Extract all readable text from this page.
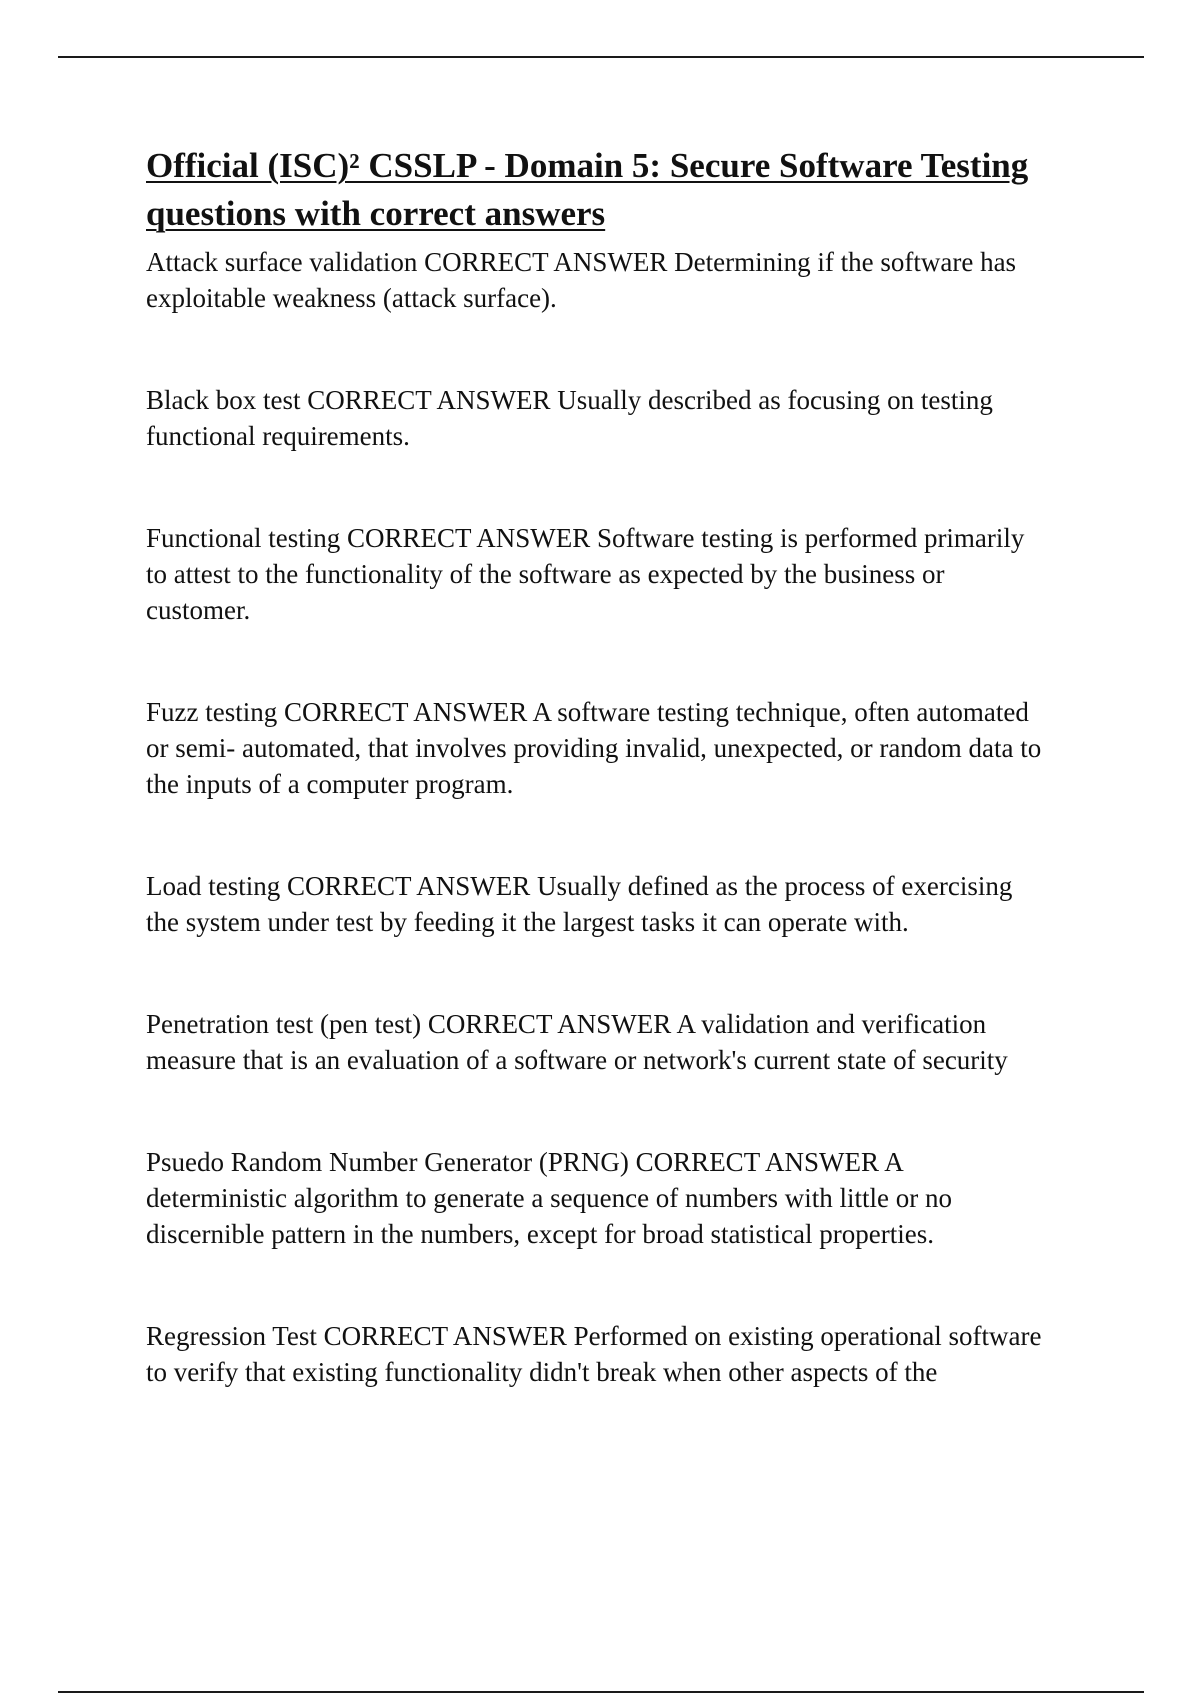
Official (ISC)² CSSLP - Domain 5: Secure Software Testing
questions with correct answers

Attack surface validation CORRECT ANSWER Determining if the software has
exploitable weakness (attack surface).

Black box test CORRECT ANSWER Usually described as focusing on testing
functional requirements.

Functional testing CORRECT ANSWER Software testing is performed primarily
to attest to the functionality of the software as expected by the business or
customer.

Fuzz testing CORRECT ANSWER A software testing technique, often automated
or semi- automated, that involves providing invalid, unexpected, or random data to
the inputs of a computer program.

Load testing CORRECT ANSWER Usually defined as the process of exercising
the system under test by feeding it the largest tasks it can operate with.

Penetration test (pen test) CORRECT ANSWER A validation and verification
measure that is an evaluation of a software or network's current state of security

Psuedo Random Number Generator (PRNG) CORRECT ANSWER A
deterministic algorithm to generate a sequence of numbers with little or no
discernible pattern in the numbers, except for broad statistical properties.

Regression Test CORRECT ANSWER Performed on existing operational software
to verify that existing functionality didn't break when other aspects of the
